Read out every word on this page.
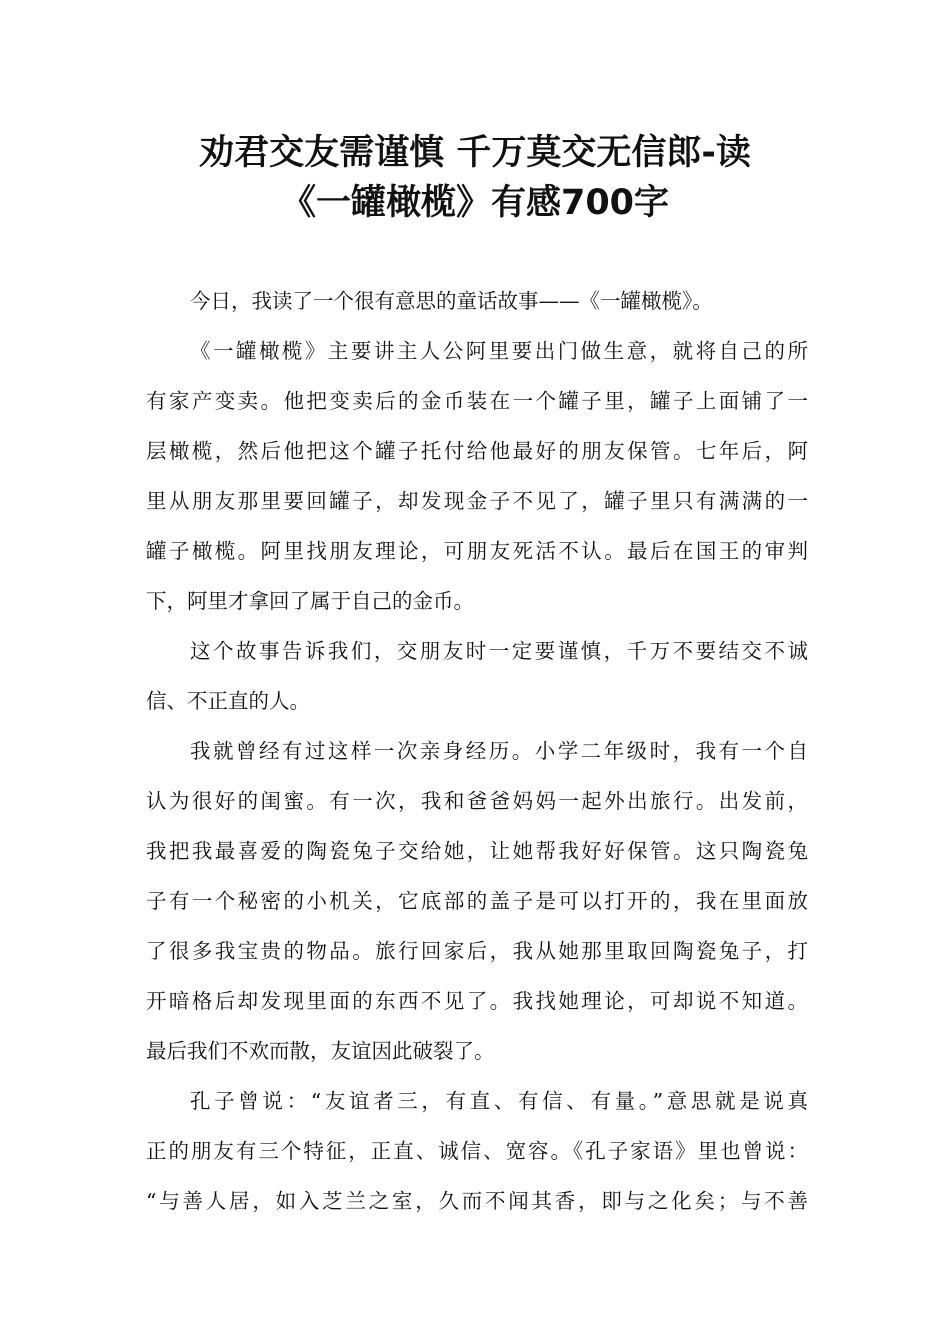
劝君交友需谨慎 千万莫交无信郎-读
《一罐橄榄》有感700字
今日，我读了一个很有意思的童话故事——《一罐橄榄》。
《一罐橄榄》主要讲主人公阿里要出门做生意，就将自己的所
有家产变卖。他把变卖后的金币装在一个罐子里，罐子上面铺了一
层橄榄，然后他把这个罐子托付给他最好的朋友保管。七年后，阿
里从朋友那里要回罐子，却发现金子不见了，罐子里只有满满的一
罐子橄榄。阿里找朋友理论，可朋友死活不认。最后在国王的审判
下，阿里才拿回了属于自己的金币。
这个故事告诉我们，交朋友时一定要谨慎，千万不要结交不诚
信、不正直的人。
我就曾经有过这样一次亲身经历。小学二年级时，我有一个自
认为很好的闺蜜。有一次，我和爸爸妈妈一起外出旅行。出发前，
我把我最喜爱的陶瓷兔子交给她，让她帮我好好保管。这只陶瓷兔
子有一个秘密的小机关，它底部的盖子是可以打开的，我在里面放
了很多我宝贵的物品。旅行回家后，我从她那里取回陶瓷兔子，打
开暗格后却发现里面的东西不见了。我找她理论，可却说不知道。
最后我们不欢而散，友谊因此破裂了。
孔子曾说：“友谊者三，有直、有信、有量。”意思就是说真
正的朋友有三个特征，正直、诚信、宽容。《孔子家语》里也曾说：
“与善人居，如入芝兰之室，久而不闻其香，即与之化矣；与不善
